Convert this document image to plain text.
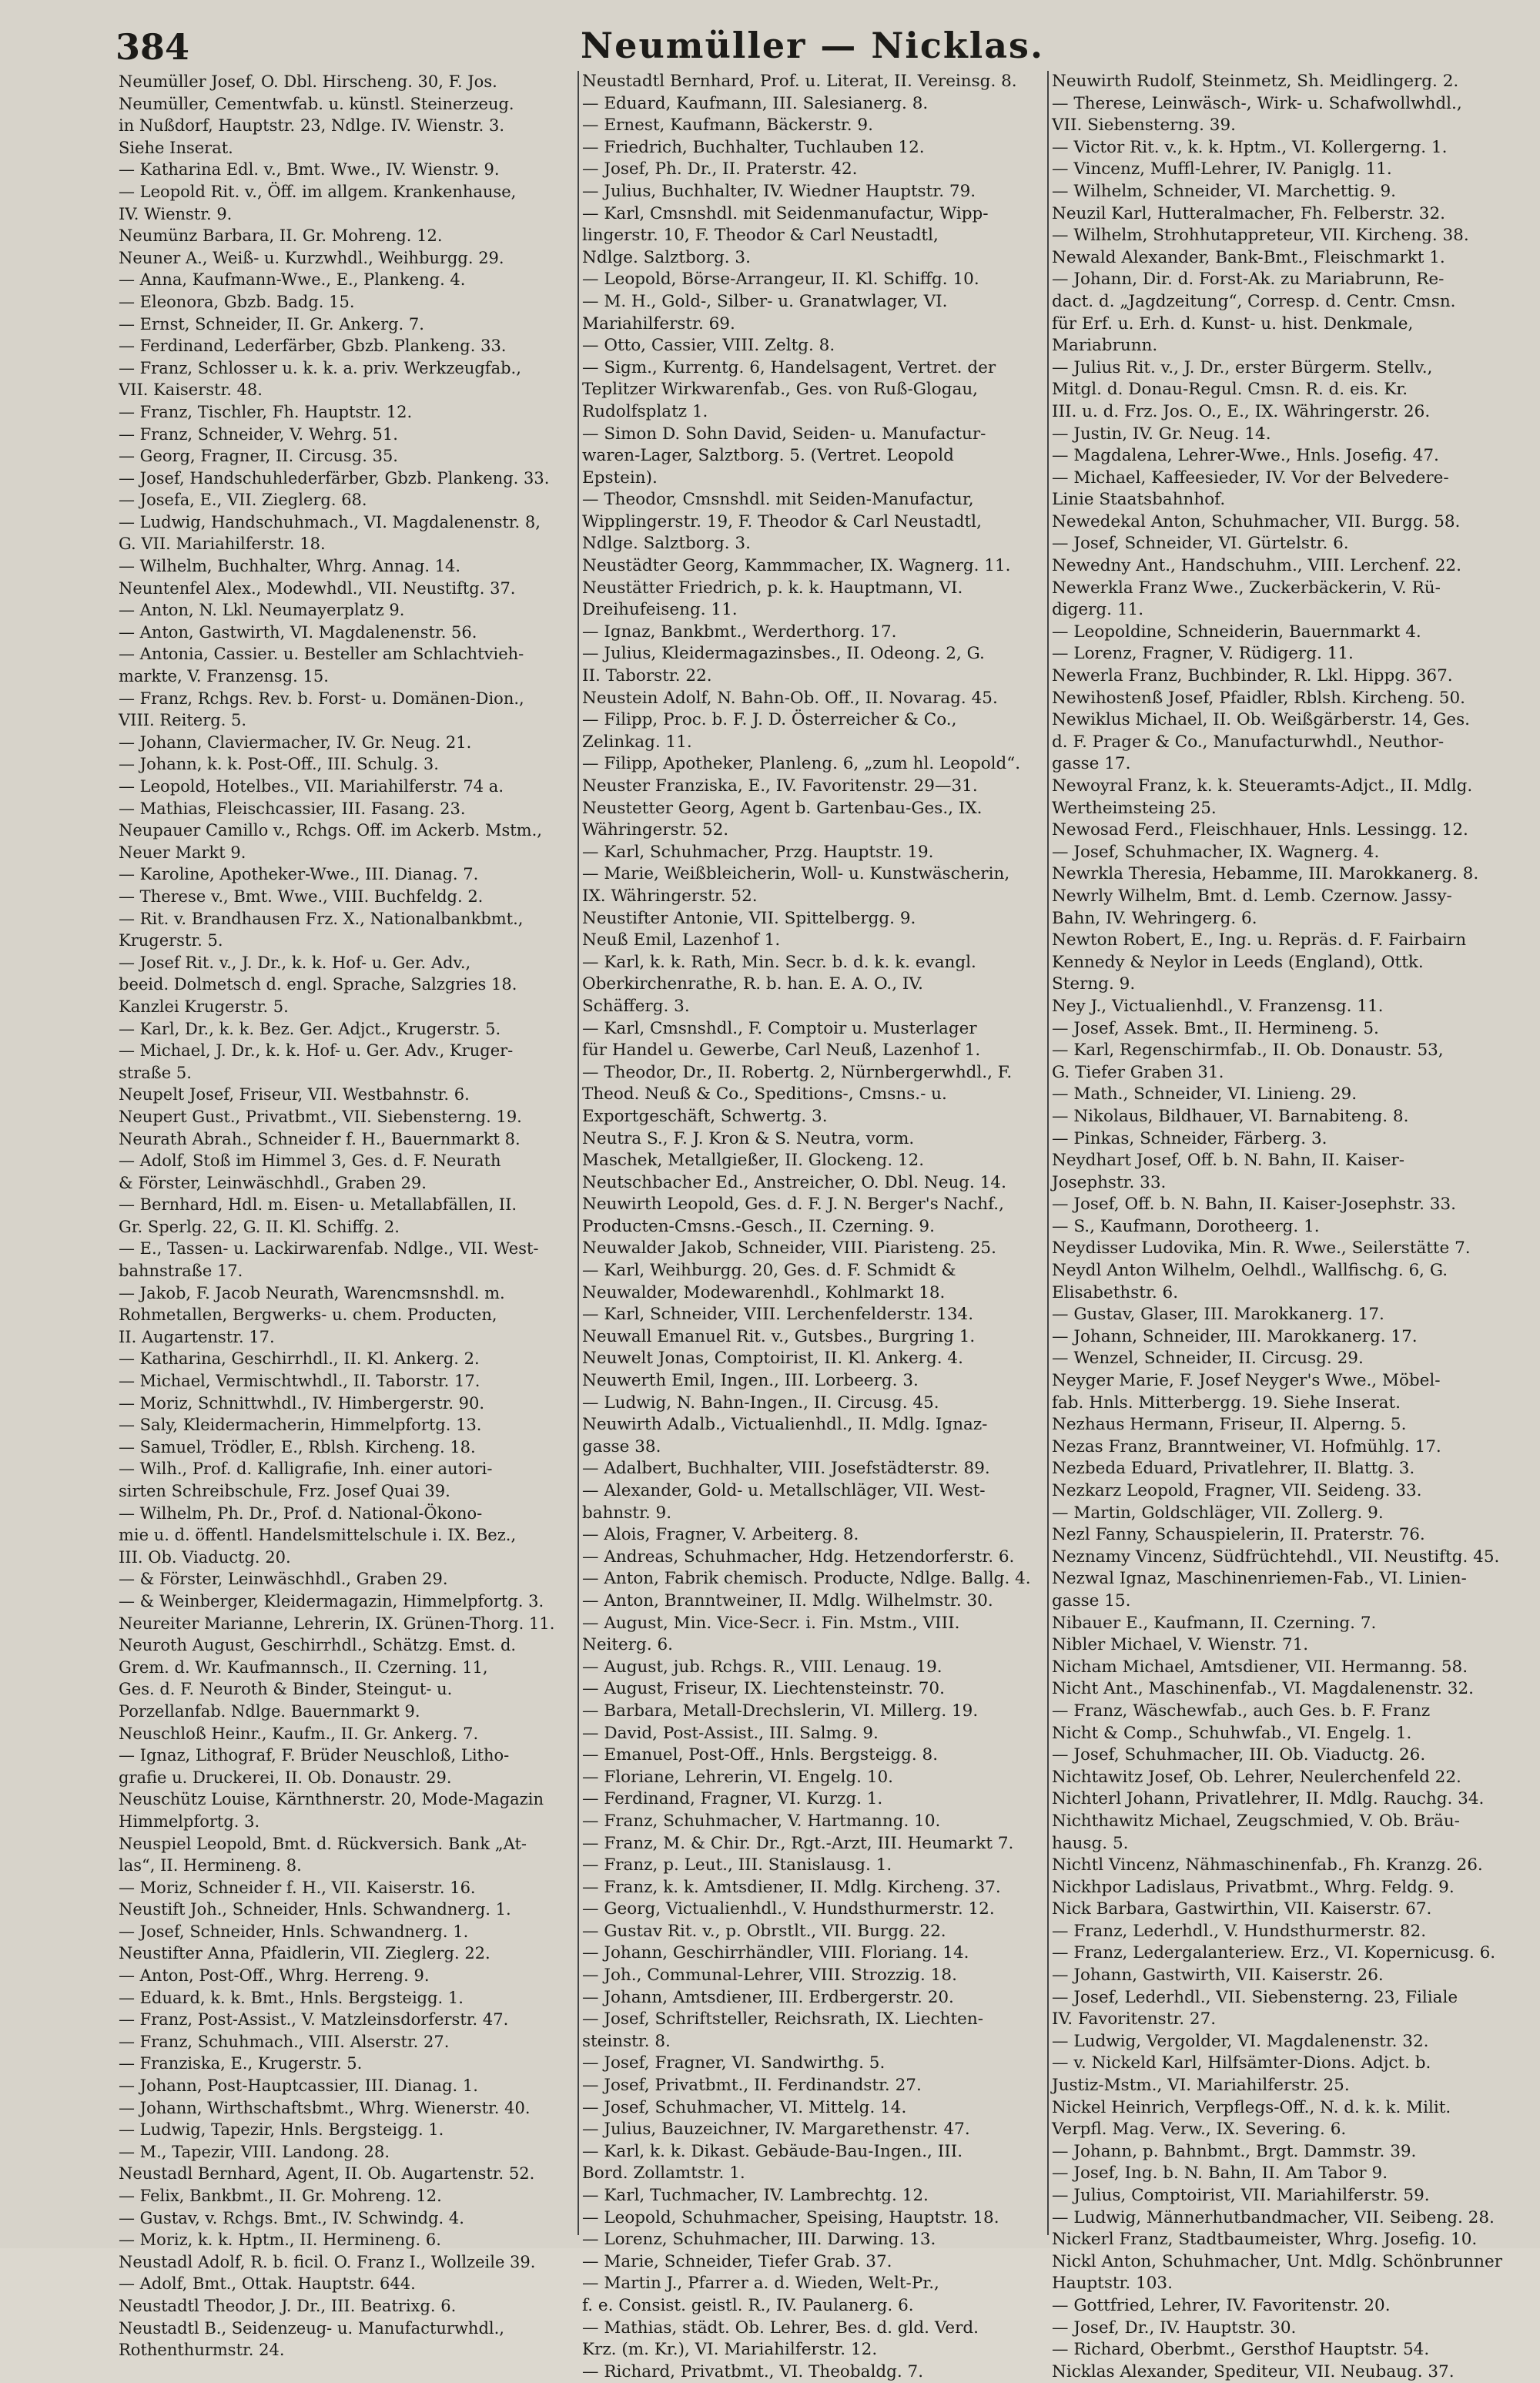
384	Neumüller — Nicklas.

Neumüller Josef, O. Dbl. Hirscheng. 30, F. Jos.

Neumüller, Cementwfab. u. künstl. Steinerzeug.

in Nußdorf, Hauptstr. 23, Ndlge. IV. Wienstr. 3.

Siehe Inserat.

— Katharina Edl. v., Bmt. Wwe., IV. Wienstr. 9.

— Leopold Rit. v., Öff. im allgem. Krankenhause,

IV. Wienstr. 9.

Neumünz Barbara, II. Gr. Mohreng. 12.

Neuner A., Weiß- u. Kurzwhdl., Weihburgg. 29.

— Anna, Kaufmann-Wwe., E., Plankeng. 4.

— Eleonora, Gbzb. Badg. 15.

— Ernst, Schneider, II. Gr. Ankerg. 7.

— Ferdinand, Lederfärber, Gbzb. Plankeng. 33.

— Franz, Schlosser u. k. k. a. priv. Werkzeugfab.,

VII. Kaiserstr. 48.

— Franz, Tischler, Fh. Hauptstr. 12.

— Franz, Schneider, V. Wehrg. 51.

— Georg, Fragner, II. Circusg. 35.

— Josef, Handschuhlederfärber, Gbzb. Plankeng. 33.

— Josefa, E., VII. Zieglerg. 68.

— Ludwig, Handschuhmach., VI. Magdalenenstr. 8,

G. VII. Mariahilferstr. 18.

— Wilhelm, Buchhalter, Whrg. Annag. 14.

Neuntenfel Alex., Modewhdl., VII. Neustiftg. 37.

— Anton, N. Lkl. Neumayerplatz 9.

— Anton, Gastwirth, VI. Magdalenenstr. 56.

— Antonia, Cassier. u. Besteller am Schlachtvieh-

markte, V. Franzensg. 15.

— Franz, Rchgs. Rev. b. Forst- u. Domänen-Dion.,

VIII. Reiterg. 5.

— Johann, Claviermacher, IV. Gr. Neug. 21.

— Johann, k. k. Post-Off., III. Schulg. 3.

— Leopold, Hotelbes., VII. Mariahilferstr. 74 a.

— Mathias, Fleischcassier, III. Fasang. 23.

Neupauer Camillo v., Rchgs. Off. im Ackerb. Mstm.,

Neuer Markt 9.

— Karoline, Apotheker-Wwe., III. Dianag. 7.

— Therese v., Bmt. Wwe., VIII. Buchfeldg. 2.

— Rit. v. Brandhausen Frz. X., Nationalbankbmt.,

Krugerstr. 5.

— Josef Rit. v., J. Dr., k. k. Hof- u. Ger. Adv.,

beeid. Dolmetsch d. engl. Sprache, Salzgries 18.

Kanzlei Krugerstr. 5.

— Karl, Dr., k. k. Bez. Ger. Adjct., Krugerstr. 5.

— Michael, J. Dr., k. k. Hof- u. Ger. Adv., Kruger-

straße 5.

Neupelt Josef, Friseur, VII. Westbahnstr. 6.

Neupert Gust., Privatbmt., VII. Siebensterng. 19.

Neurath Abrah., Schneider f. H., Bauernmarkt 8.

— Adolf, Stoß im Himmel 3, Ges. d. F. Neurath

& Förster, Leinwäschhdl., Graben 29.

— Bernhard, Hdl. m. Eisen- u. Metallabfällen, II.

Gr. Sperlg. 22, G. II. Kl. Schiffg. 2.

— E., Tassen- u. Lackirwarenfab. Ndlge., VII. West-

bahnstraße 17.

— Jakob, F. Jacob Neurath, Warencmsnshdl. m.

Rohmetallen, Bergwerks- u. chem. Producten,

II. Augartenstr. 17.

— Katharina, Geschirrhdl., II. Kl. Ankerg. 2.

— Michael, Vermischtwhdl., II. Taborstr. 17.

— Moriz, Schnittwhdl., IV. Himbergerstr. 90.

— Saly, Kleidermacherin, Himmelpfortg. 13.

— Samuel, Trödler, E., Rblsh. Kircheng. 18.

— Wilh., Prof. d. Kalligrafie, Inh. einer autori-

sirten Schreibschule, Frz. Josef Quai 39.

— Wilhelm, Ph. Dr., Prof. d. National-Ökono-

mie u. d. öffentl. Handelsmittelschule i. IX. Bez.,

III. Ob. Viaductg. 20.

— & Förster, Leinwäschhdl., Graben 29.

— & Weinberger, Kleidermagazin, Himmelpfortg. 3.

Neureiter Marianne, Lehrerin, IX. Grünen-Thorg. 11.

Neuroth August, Geschirrhdl., Schätzg. Emst. d.

Grem. d. Wr. Kaufmannsch., II. Czerning. 11,

Ges. d. F. Neuroth & Binder, Steingut- u.

Porzellanfab. Ndlge. Bauernmarkt 9.

Neuschloß Heinr., Kaufm., II. Gr. Ankerg. 7.

— Ignaz, Lithograf, F. Brüder Neuschloß, Litho-

grafie u. Druckerei, II. Ob. Donaustr. 29.

Neuschütz Louise, Kärnthnerstr. 20, Mode-Magazin

Himmelpfortg. 3.

Neuspiel Leopold, Bmt. d. Rückversich. Bank „At-

las“, II. Hermineng. 8.

— Moriz, Schneider f. H., VII. Kaiserstr. 16.

Neustift Joh., Schneider, Hnls. Schwandnerg. 1.

— Josef, Schneider, Hnls. Schwandnerg. 1.

Neustifter Anna, Pfaidlerin, VII. Zieglerg. 22.

— Anton, Post-Off., Whrg. Herreng. 9.

— Eduard, k. k. Bmt., Hnls. Bergsteigg. 1.

— Franz, Post-Assist., V. Matzleinsdorferstr. 47.

— Franz, Schuhmach., VIII. Alserstr. 27.

— Franziska, E., Krugerstr. 5.

— Johann, Post-Hauptcassier, III. Dianag. 1.

— Johann, Wirthschaftsbmt., Whrg. Wienerstr. 40.

— Ludwig, Tapezir, Hnls. Bergsteigg. 1.

— M., Tapezir, VIII. Landong. 28.

Neustadl Bernhard, Agent, II. Ob. Augartenstr. 52.

— Felix, Bankbmt., II. Gr. Mohreng. 12.

— Gustav, v. Rchgs. Bmt., IV. Schwindg. 4.

— Moriz, k. k. Hptm., II. Hermineng. 6.

Neustadl Adolf, R. b. ficil. O. Franz I., Wollzeile 39.

— Adolf, Bmt., Ottak. Hauptstr. 644.

Neustadtl Theodor, J. Dr., III. Beatrixg. 6.

Neustadtl B., Seidenzeug- u. Manufacturwhdl.,

Rothenthurmstr. 24.

Neustadtl Bernhard, Prof. u. Literat, II. Vereinsg. 8.

— Eduard, Kaufmann, III. Salesianerg. 8.

— Ernest, Kaufmann, Bäckerstr. 9.

— Friedrich, Buchhalter, Tuchlauben 12.

— Josef, Ph. Dr., II. Praterstr. 42.

— Julius, Buchhalter, IV. Wiedner Hauptstr. 79.

— Karl, Cmsnshdl. mit Seidenmanufactur, Wipp-

lingerstr. 10, F. Theodor & Carl Neustadtl,

Ndlge. Salztborg. 3.

— Leopold, Börse-Arrangeur, II. Kl. Schiffg. 10.

— M. H., Gold-, Silber- u. Granatwlager, VI.

Mariahilferstr. 69.

— Otto, Cassier, VIII. Zeltg. 8.

— Sigm., Kurrentg. 6, Handelsagent, Vertret. der

Teplitzer Wirkwarenfab., Ges. von Ruß-Glogau,

Rudolfsplatz 1.

— Simon D. Sohn David, Seiden- u. Manufactur-

waren-Lager, Salztborg. 5. (Vertret. Leopold

Epstein).

— Theodor, Cmsnshdl. mit Seiden-Manufactur,

Wipplingerstr. 19, F. Theodor & Carl Neustadtl,

Ndlge. Salztborg. 3.

Neustädter Georg, Kammmacher, IX. Wagnerg. 11.

Neustätter Friedrich, p. k. k. Hauptmann, VI.

Dreihufeiseng. 11.

— Ignaz, Bankbmt., Werderthorg. 17.

— Julius, Kleidermagazinsbes., II. Odeong. 2, G.

II. Taborstr. 22.

Neustein Adolf, N. Bahn-Ob. Off., II. Novarag. 45.

— Filipp, Proc. b. F. J. D. Österreicher & Co.,

Zelinkag. 11.

— Filipp, Apotheker, Planleng. 6, „zum hl. Leopold“.

Neuster Franziska, E., IV. Favoritenstr. 29—31.

Neustetter Georg, Agent b. Gartenbau-Ges., IX.

Währingerstr. 52.

— Karl, Schuhmacher, Przg. Hauptstr. 19.

— Marie, Weißbleicherin, Woll- u. Kunstwäscherin,

IX. Währingerstr. 52.

Neustifter Antonie, VII. Spittelbergg. 9.

Neuß Emil, Lazenhof 1.

— Karl, k. k. Rath, Min. Secr. b. d. k. k. evangl.

Oberkirchenrathe, R. b. han. E. A. O., IV.

Schäfferg. 3.

— Karl, Cmsnshdl., F. Comptoir u. Musterlager

für Handel u. Gewerbe, Carl Neuß, Lazenhof 1.

— Theodor, Dr., II. Robertg. 2, Nürnbergerwhdl., F.

Theod. Neuß & Co., Speditions-, Cmsns.- u.

Exportgeschäft, Schwertg. 3.

Neutra S., F. J. Kron & S. Neutra, vorm.

Maschek, Metallgießer, II. Glockeng. 12.

Neutschbacher Ed., Anstreicher, O. Dbl. Neug. 14.

Neuwirth Leopold, Ges. d. F. J. N. Berger's Nachf.,

Producten-Cmsns.-Gesch., II. Czerning. 9.

Neuwalder Jakob, Schneider, VIII. Piaristeng. 25.

— Karl, Weihburgg. 20, Ges. d. F. Schmidt &

Neuwalder, Modewarenhdl., Kohlmarkt 18.

— Karl, Schneider, VIII. Lerchenfelderstr. 134.

Neuwall Emanuel Rit. v., Gutsbes., Burgring 1.

Neuwelt Jonas, Comptoirist, II. Kl. Ankerg. 4.

Neuwerth Emil, Ingen., III. Lorbeerg. 3.

— Ludwig, N. Bahn-Ingen., II. Circusg. 45.

Neuwirth Adalb., Victualienhdl., II. Mdlg. Ignaz-

gasse 38.

— Adalbert, Buchhalter, VIII. Josefstädterstr. 89.

— Alexander, Gold- u. Metallschläger, VII. West-

bahnstr. 9.

— Alois, Fragner, V. Arbeiterg. 8.

— Andreas, Schuhmacher, Hdg. Hetzendorferstr. 6.

— Anton, Fabrik chemisch. Producte, Ndlge. Ballg. 4.

— Anton, Branntweiner, II. Mdlg. Wilhelmstr. 30.

— August, Min. Vice-Secr. i. Fin. Mstm., VIII.

Neiterg. 6.

— August, jub. Rchgs. R., VIII. Lenaug. 19.

— August, Friseur, IX. Liechtensteinstr. 70.

— Barbara, Metall-Drechslerin, VI. Millerg. 19.

— David, Post-Assist., III. Salmg. 9.

— Emanuel, Post-Off., Hnls. Bergsteigg. 8.

— Floriane, Lehrerin, VI. Engelg. 10.

— Ferdinand, Fragner, VI. Kurzg. 1.

— Franz, Schuhmacher, V. Hartmanng. 10.

— Franz, M. & Chir. Dr., Rgt.-Arzt, III. Heumarkt 7.

— Franz, p. Leut., III. Stanislausg. 1.

— Franz, k. k. Amtsdiener, II. Mdlg. Kircheng. 37.

— Georg, Victualienhdl., V. Hundsthurmerstr. 12.

— Gustav Rit. v., p. Obrstlt., VII. Burgg. 22.

— Johann, Geschirrhändler, VIII. Floriang. 14.

— Joh., Communal-Lehrer, VIII. Strozzig. 18.

— Johann, Amtsdiener, III. Erdbergerstr. 20.

— Josef, Schriftsteller, Reichsrath, IX. Liechten-

steinstr. 8.

— Josef, Fragner, VI. Sandwirthg. 5.

— Josef, Privatbmt., II. Ferdinandstr. 27.

— Josef, Schuhmacher, VI. Mittelg. 14.

— Julius, Bauzeichner, IV. Margarethenstr. 47.

— Karl, k. k. Dikast. Gebäude-Bau-Ingen., III.

Bord. Zollamtstr. 1.

— Karl, Tuchmacher, IV. Lambrechtg. 12.

— Leopold, Schuhmacher, Speising, Hauptstr. 18.

— Lorenz, Schuhmacher, III. Darwing. 13.

— Marie, Schneider, Tiefer Grab. 37.

— Martin J., Pfarrer a. d. Wieden, Welt-Pr.,

f. e. Consist. geistl. R., IV. Paulanerg. 6.

— Mathias, städt. Ob. Lehrer, Bes. d. gld. Verd.

Krz. (m. Kr.), VI. Mariahilferstr. 12.

— Richard, Privatbmt., VI. Theobaldg. 7.

Neuwirth Rudolf, Steinmetz, Sh. Meidlingerg. 2.

— Therese, Leinwäsch-, Wirk- u. Schafwollwhdl.,

VII. Siebensterng. 39.

— Victor Rit. v., k. k. Hptm., VI. Kollergerng. 1.

— Vincenz, Muffl-Lehrer, IV. Paniglg. 11.

— Wilhelm, Schneider, VI. Marchettig. 9.

Neuzil Karl, Hutteralmacher, Fh. Felberstr. 32.

— Wilhelm, Strohhutappreteur, VII. Kircheng. 38.

Newald Alexander, Bank-Bmt., Fleischmarkt 1.

— Johann, Dir. d. Forst-Ak. zu Mariabrunn, Re-

dact. d. „Jagdzeitung“, Corresp. d. Centr. Cmsn.

für Erf. u. Erh. d. Kunst- u. hist. Denkmale,

Mariabrunn.

— Julius Rit. v., J. Dr., erster Bürgerm. Stellv.,

Mitgl. d. Donau-Regul. Cmsn. R. d. eis. Kr.

III. u. d. Frz. Jos. O., E., IX. Währingerstr. 26.

— Justin, IV. Gr. Neug. 14.

— Magdalena, Lehrer-Wwe., Hnls. Josefig. 47.

— Michael, Kaffeesieder, IV. Vor der Belvedere-

Linie Staatsbahnhof.

Newedekal Anton, Schuhmacher, VII. Burgg. 58.

— Josef, Schneider, VI. Gürtelstr. 6.

Newedny Ant., Handschuhm., VIII. Lerchenf. 22.

Newerkla Franz Wwe., Zuckerbäckerin, V. Rü-

digerg. 11.

— Leopoldine, Schneiderin, Bauernmarkt 4.

— Lorenz, Fragner, V. Rüdigerg. 11.

Newerla Franz, Buchbinder, R. Lkl. Hippg. 367.

Newihostenß Josef, Pfaidler, Rblsh. Kircheng. 50.

Newiklus Michael, II. Ob. Weißgärberstr. 14, Ges.

d. F. Prager & Co., Manufacturwhdl., Neuthor-

gasse 17.

Newoyral Franz, k. k. Steueramts-Adjct., II. Mdlg.

Wertheimsteing 25.

Newosad Ferd., Fleischhauer, Hnls. Lessingg. 12.

— Josef, Schuhmacher, IX. Wagnerg. 4.

Newrkla Theresia, Hebamme, III. Marokkanerg. 8.

Newrly Wilhelm, Bmt. d. Lemb. Czernow. Jassy-

Bahn, IV. Wehringerg. 6.

Newton Robert, E., Ing. u. Repräs. d. F. Fairbairn

Kennedy & Neylor in Leeds (England), Ottk.

Sterng. 9.

Ney J., Victualienhdl., V. Franzensg. 11.

— Josef, Assek. Bmt., II. Hermineng. 5.

— Karl, Regenschirmfab., II. Ob. Donaustr. 53,

G. Tiefer Graben 31.

— Math., Schneider, VI. Linieng. 29.

— Nikolaus, Bildhauer, VI. Barnabiteng. 8.

— Pinkas, Schneider, Färberg. 3.

Neydhart Josef, Off. b. N. Bahn, II. Kaiser-

Josephstr. 33.

— Josef, Off. b. N. Bahn, II. Kaiser-Josephstr. 33.

— S., Kaufmann, Dorotheerg. 1.

Neydisser Ludovika, Min. R. Wwe., Seilerstätte 7.

Neydl Anton Wilhelm, Oelhdl., Wallfischg. 6, G.

Elisabethstr. 6.

— Gustav, Glaser, III. Marokkanerg. 17.

— Johann, Schneider, III. Marokkanerg. 17.

— Wenzel, Schneider, II. Circusg. 29.

Neyger Marie, F. Josef Neyger's Wwe., Möbel-

fab. Hnls. Mitterbergg. 19. Siehe Inserat.

Nezhaus Hermann, Friseur, II. Alperng. 5.

Nezas Franz, Branntweiner, VI. Hofmühlg. 17.

Nezbeda Eduard, Privatlehrer, II. Blattg. 3.

Nezkarz Leopold, Fragner, VII. Seideng. 33.

— Martin, Goldschläger, VII. Zollerg. 9.

Nezl Fanny, Schauspielerin, II. Praterstr. 76.

Neznamy Vincenz, Südfrüchtehdl., VII. Neustiftg. 45.

Nezwal Ignaz, Maschinenriemen-Fab., VI. Linien-

gasse 15.

Nibauer E., Kaufmann, II. Czerning. 7.

Nibler Michael, V. Wienstr. 71.

Nicham Michael, Amtsdiener, VII. Hermanng. 58.

Nicht Ant., Maschinenfab., VI. Magdalenenstr. 32.

— Franz, Wäschewfab., auch Ges. b. F. Franz

Nicht & Comp., Schuhwfab., VI. Engelg. 1.

— Josef, Schuhmacher, III. Ob. Viaductg. 26.

Nichtawitz Josef, Ob. Lehrer, Neulerchenfeld 22.

Nichterl Johann, Privatlehrer, II. Mdlg. Rauchg. 34.

Nichthawitz Michael, Zeugschmied, V. Ob. Bräu-

hausg. 5.

Nichtl Vincenz, Nähmaschinenfab., Fh. Kranzg. 26.

Nickhpor Ladislaus, Privatbmt., Whrg. Feldg. 9.

Nick Barbara, Gastwirthin, VII. Kaiserstr. 67.

— Franz, Lederhdl., V. Hundsthurmerstr. 82.

— Franz, Ledergalanteriew. Erz., VI. Kopernicusg. 6.

— Johann, Gastwirth, VII. Kaiserstr. 26.

— Josef, Lederhdl., VII. Siebensterng. 23, Filiale

IV. Favoritenstr. 27.

— Ludwig, Vergolder, VI. Magdalenenstr. 32.

— v. Nickeld Karl, Hilfsämter-Dions. Adjct. b.

Justiz-Mstm., VI. Mariahilferstr. 25.

Nickel Heinrich, Verpflegs-Off., N. d. k. k. Milit.

Verpfl. Mag. Verw., IX. Severing. 6.

— Johann, p. Bahnbmt., Brgt. Dammstr. 39.

— Josef, Ing. b. N. Bahn, II. Am Tabor 9.

— Julius, Comptoirist, VII. Mariahilferstr. 59.

— Ludwig, Männerhutbandmacher, VII. Seibeng. 28.

Nickerl Franz, Stadtbaumeister, Whrg. Josefig. 10.

Nickl Anton, Schuhmacher, Unt. Mdlg. Schönbrunner

Hauptstr. 103.

— Gottfried, Lehrer, IV. Favoritenstr. 20.

— Josef, Dr., IV. Hauptstr. 30.

— Richard, Oberbmt., Gersthof Hauptstr. 54.

Nicklas Alexander, Spediteur, VII. Neubaug. 37.
